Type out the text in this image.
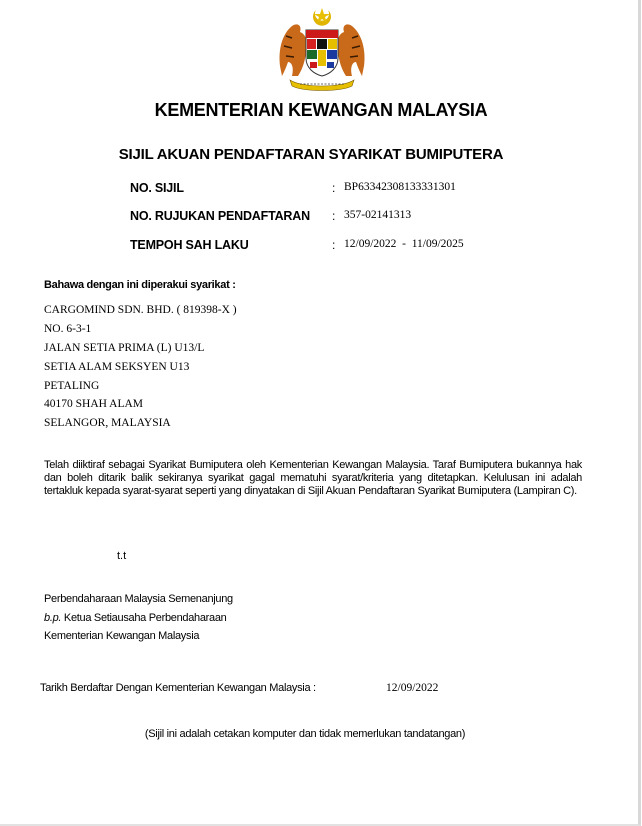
KEMENTERIAN KEWANGAN MALAYSIA
SIJIL AKUAN PENDAFTARAN SYARIKAT BUMIPUTERA
NO. SIJIL	: BP63342308133331301
NO. RUJUKAN PENDAFTARAN : 357-02141313
TEMPOH SAH LAKU	: 12/09/2022  -  11/09/2025
Bahawa dengan ini diperakui syarikat :
CARGOMIND SDN. BHD. ( 819398-X )
NO. 6-3-1
JALAN SETIA PRIMA (L) U13/L
SETIA ALAM SEKSYEN U13
PETALING
40170 SHAH ALAM
SELANGOR, MALAYSIA
Telah diiktiraf sebagai Syarikat Bumiputera oleh Kementerian Kewangan Malaysia. Taraf Bumiputera bukannya hak dan boleh ditarik balik sekiranya syarikat gagal mematuhi syarat/kriteria yang ditetapkan. Kelulusan ini adalah tertakluk kepada syarat-syarat seperti yang dinyatakan di Sijil Akuan Pendaftaran Syarikat Bumiputera (Lampiran C).
t.t
Perbendaharaan Malaysia Semenanjung
b.p. Ketua Setiausaha Perbendaharaan
Kementerian Kewangan Malaysia
Tarikh Berdaftar Dengan Kementerian Kewangan Malaysia :	12/09/2022
(Sijil ini adalah cetakan komputer dan tidak memerlukan tandatangan)
